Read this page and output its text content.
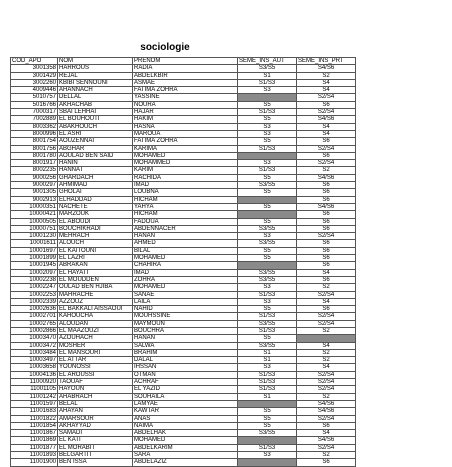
sociologie
COD_APO	NOM	PRENOM	SEME_INS_AUT	SEME_INS_PRT
3001358	HARROUS	RADIA	S3/S5	S4/S6
3001429	REJAL	ABDELKBIR	S1	S2
3002260	KBIBI SENNOUNI	ASMAE	S1/S3	S4
4009446	AHANNACH	FATIMA ZOHRA	S3	S4
5010757	DELLAL	YASSINE		S2/S4
5016766	AKHACHAB	NOURA	S5	S6
7000317	SBAI LEHHAI	HAJAR	S1/S3	S2/S4
7002889	EL BOUHOUTI	HAKIM	S5	S4/S6
8003362	ABAKHOUCH	HASNA	S3	S4
8000996	EL ASRI	MAROUA	S3	S4
8001754	AOUZENNAI	FATIMA ZOHRA	S5	S6
8001756	ABGHAR	KARIMA	S1/S3	S2/S4
8001780	AOULAD BEN SAID	MOHAMED		S6
8001917	HANIN	MOHAMMED	S3	S2/S4
8002235	HANNAT	KARIM	S1/S3	S2
9000256	GHARDACH	RACHIDA	S5	S4/S6
9000297	AHMIMAD	IMAD	S3/S5	S6
9001305	GHOLAI	LOUBNA	S5	S6
9002913	ELHADDAD	HICHAM		S6
10000351	NACHETE	YAHYA	S5	S4/S6
10000421	MARZOUK	HICHAM		S6
10000505	EL ABOUDI	FADOUA	S5	S6
10000751	BOUCHIKRADI	ABDENNACER	S3/S5	S6
10001230	MEHRACH	HANAN	S3	S2/S4
10001611	ALOUCH	AHMED	S3/S5	S6
10001697	EL KAITOUNI	BILAL	S5	S6
10001899	EL LAZRI	MOHAMED	S5	S6
10001945	ABRAKAN	CHAHIRA		S6
10002097	EL HAYATI	IMAD	S3/S5	S4
10002238	EL MOUDDEN	ZOHRA	S3/S5	S6
10002247	OULAD BEN HJIBA	MOHAMED	S3	S2
10002253	MAHRACHE	SANAE	S1/S3	S2/S4
10002339	AZZOUZ	LAILA	S3	S4
10002636	EL BAKKALI AISSAOUI	NAHID	S5	S6
10002701	KAHOUCHA	MOUHSSINE	S1/S3	S2/S4
10002765	ALOUDAN	MAYMOUN	S3/S5	S2/S4
10002866	EL MAAZOUZI	BOUCHRA	S1/S3	S2
10003470	AZOUHACH	HANAN	S5	
10003472	MOSHER	SALWA	S3/S5	S4
10003484	EL MANSOURI	BRAHIM	S1	S2
10003497	EL ATTAR	DALAL	S1	S2
10003658	YOUNOSSI	IHSSAN	S3	S4
10004136	EL AROUSSI	OTMAN	S1/S3	S2/S4
11000920	TAOUAF	ACHRAF	S1/S3	S2/S4
11001105	HAYOUN	EL YAZID	S1/S3	S2/S4
11001242	AHABRACH	SOUHAILA	S1	S2
11001597	BELAL	LAMYAE		S4/S6
11001683	AHAYAN	KAWTAR	S5	S4/S6
11001822	AMARSOUR	ANAS	S5	S2/S4
11001854	AKHAYYAD	NAIMA	S5	S6
11001867	SAMADI	ABDELHAK	S3/S5	S4
11001869	EL KATI	MOHAMED		S4/S6
11001877	EL MORABIT	ABDELKARIM	S1/S3	S2/S4
11001893	BELGARTIT	SARA	S3	S2
11001900	BEN ISSA	ABDELAZIZ		S6
